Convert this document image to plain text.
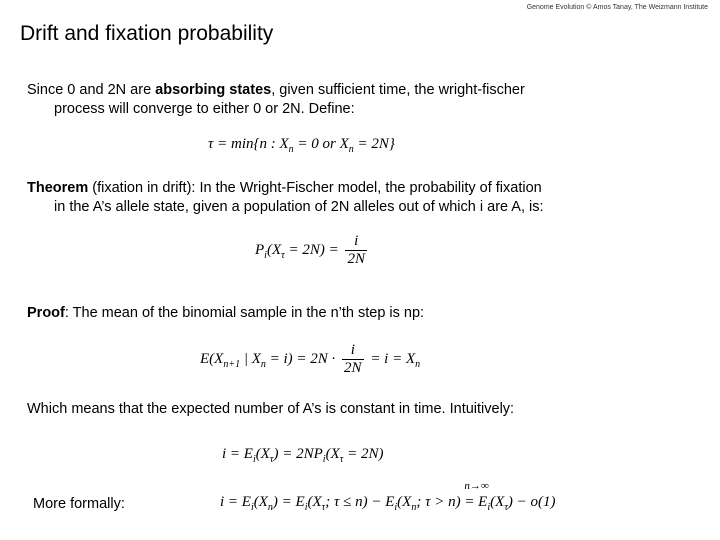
Genome Evolution © Amos Tanay, The Weizmann Institute
Drift and fixation probability
Since 0 and 2N are absorbing states, given sufficient time, the wright-fischer
process will converge to either 0 or 2N. Define:
τ = min{n : $X_n = 0$ or $X_n = 2N$}
Theorem (fixation in drift): In the Wright-Fischer model, the probability of fixation
in the A’s allele state, given a population of 2N alleles out of which i are A, is:
$P_i(X_\tau = 2N) = \frac{i}{2N}$
Proof: The mean of the binomial sample in the n’th step is np:
$E(X_{n+1}$ | $X_n = i) = 2N \cdot \frac{i}{2N} = i = X_n$
Which means that the expected number of A’s is constant in time. Intuitively:
$i = E_i(X_\tau) = 2NP_i(X_\tau = 2N)$
More formally:	$i = E_i(X_n) = E_i(X_\tau$; $\tau \le n) - E_i(X_n$; τ > n)
n→∞
= $E_i(X_\tau) - o(1)$
